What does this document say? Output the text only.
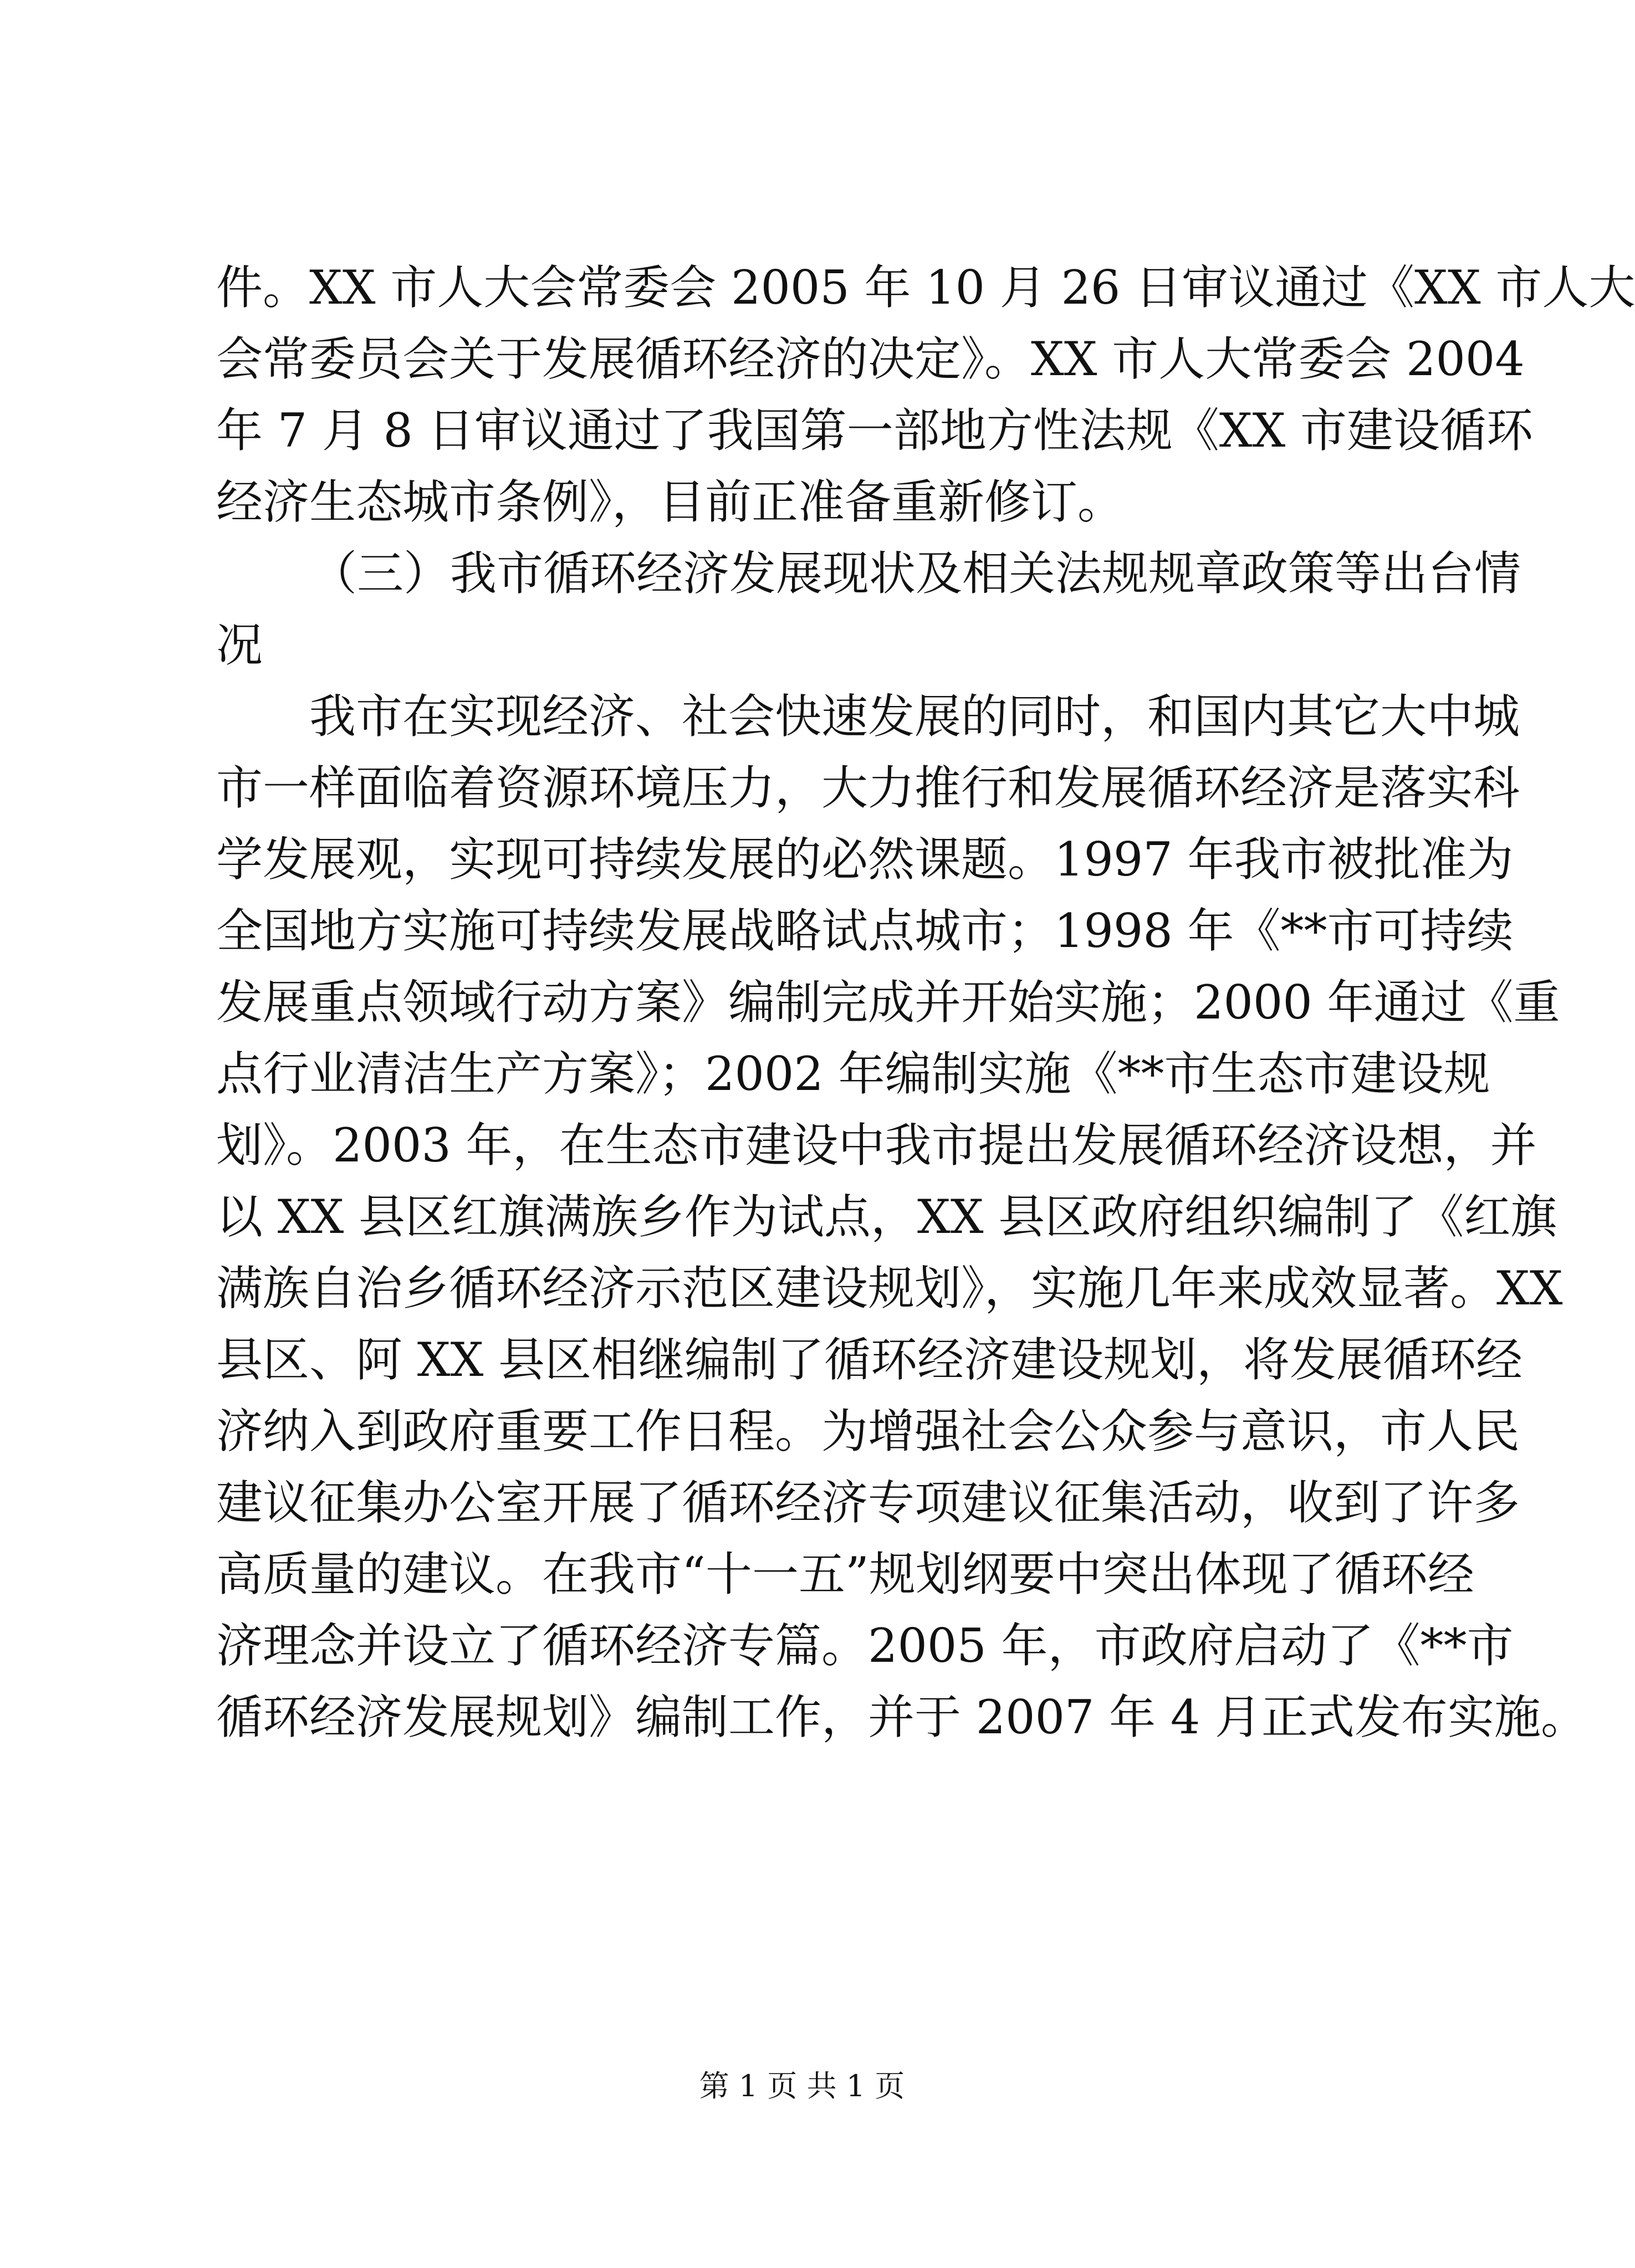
件。XX 市人大会常委会 2005 年 10 月 26 日审议通过《XX 市人大
会常委员会关于发展循环经济的决定》。XX 市人大常委会 2004
年 7 月 8 日审议通过了我国第一部地方性法规《XX 市建设循环
经济生态城市条例》，目前正准备重新修订。
（三）我市循环经济发展现状及相关法规规章政策等出台情
况
我市在实现经济、社会快速发展的同时，和国内其它大中城
市一样面临着资源环境压力，大力推行和发展循环经济是落实科
学发展观，实现可持续发展的必然课题。1997 年我市被批准为
全国地方实施可持续发展战略试点城市；1998 年《**市可持续
发展重点领域行动方案》编制完成并开始实施；2000 年通过《重
点行业清洁生产方案》；2002 年编制实施《**市生态市建设规
划》。2003 年，在生态市建设中我市提出发展循环经济设想，并
以 XX 县区红旗满族乡作为试点，XX 县区政府组织编制了《红旗
满族自治乡循环经济示范区建设规划》，实施几年来成效显著。XX
县区、阿 XX 县区相继编制了循环经济建设规划，将发展循环经
济纳入到政府重要工作日程。为增强社会公众参与意识，市人民
建议征集办公室开展了循环经济专项建议征集活动，收到了许多
高质量的建议。在我市“十一五”规划纲要中突出体现了循环经
济理念并设立了循环经济专篇。2005 年，市政府启动了《**市
循环经济发展规划》编制工作，并于 2007 年 4 月正式发布实施。
第 1 页 共 1 页
